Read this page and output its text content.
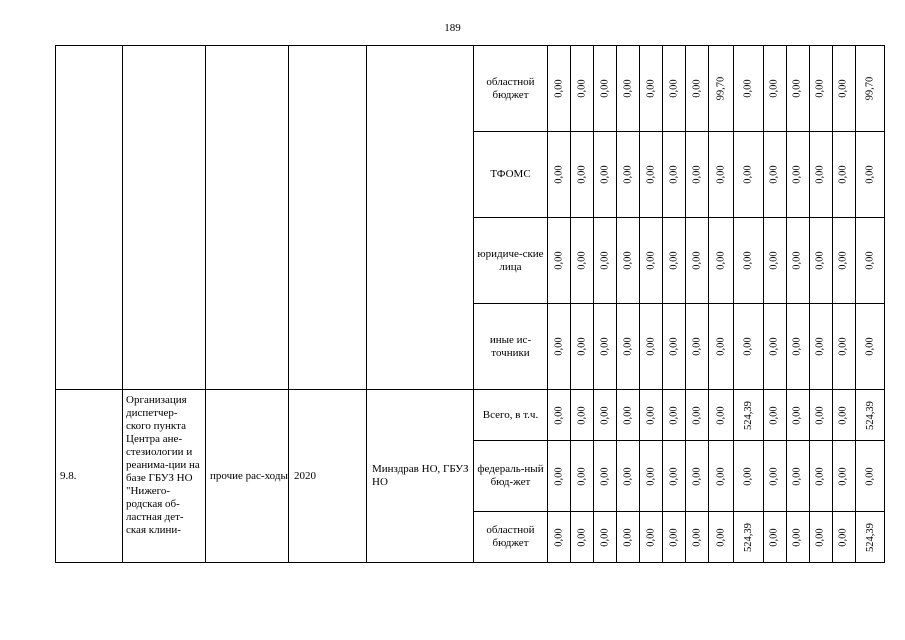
189
					областной бюджет	0,00	0,00	0,00	0,00	0,00	0,00	0,00	99,70	0,00	0,00	0,00	0,00	0,00	99,70
					ТФОМС	0,00	0,00	0,00	0,00	0,00	0,00	0,00	0,00	0,00	0,00	0,00	0,00	0,00	0,00
					юридиче-ские лица	0,00	0,00	0,00	0,00	0,00	0,00	0,00	0,00	0,00	0,00	0,00	0,00	0,00	0,00
					иные ис-точники	0,00	0,00	0,00	0,00	0,00	0,00	0,00	0,00	0,00	0,00	0,00	0,00	0,00	0,00
9.8.	Организация диспетчер-ского пункта Центра ане-стезиологии и реанима-ции на базе ГБУЗ НО "Нижего-родская об-ластная дет-ская клини-	прочие рас-ходы	2020	Минздрав НО, ГБУЗ НО	Всего, в т.ч.	0,00	0,00	0,00	0,00	0,00	0,00	0,00	0,00	524,39	0,00	0,00	0,00	0,00	524,39
					федераль-ный бюд-жет	0,00	0,00	0,00	0,00	0,00	0,00	0,00	0,00	0,00	0,00	0,00	0,00	0,00	0,00
					областной бюджет	0,00	0,00	0,00	0,00	0,00	0,00	0,00	0,00	524,39	0,00	0,00	0,00	0,00	524,39
